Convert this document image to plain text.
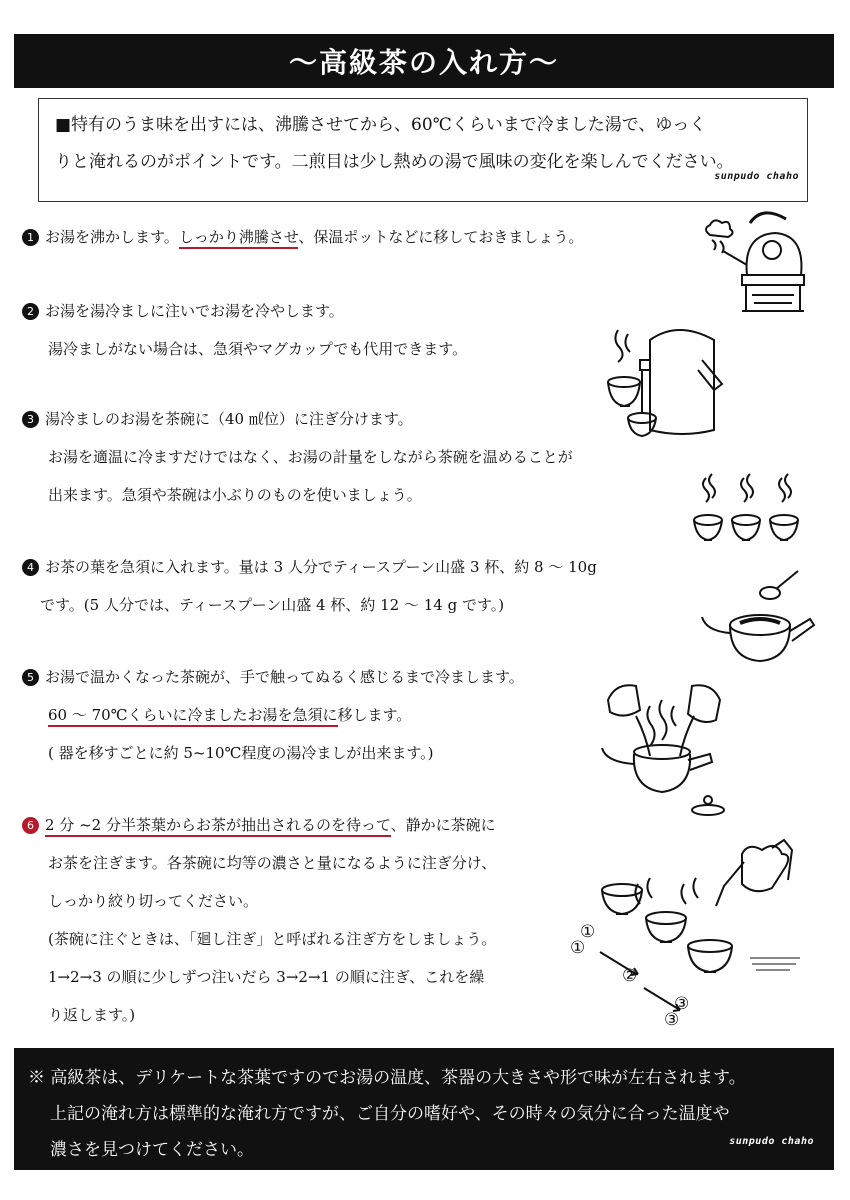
〜高級茶の入れ方〜
■特有のうま味を出すには、沸騰させてから、60℃くらいまで冷ました湯で、ゆっく
りと淹れるのがポイントです。二煎目は少し熱めの湯で風味の変化を楽しんでください。
sunpudo chaho
1 お湯を沸かします。しっかり沸騰させ、保温ポットなどに移しておきましょう。
2 お湯を湯冷ましに注いでお湯を冷やします。
湯冷ましがない場合は、急須やマグカップでも代用できます。
3 湯冷ましのお湯を茶碗に（40 ㎖位）に注ぎ分けます。
お湯を適温に冷ますだけではなく、お湯の計量をしながら茶碗を温めることが
出来ます。急須や茶碗は小ぶりのものを使いましょう。
4 お茶の葉を急須に入れます。量は 3 人分でティースプーン山盛 3 杯、約 8 〜 10g
です。(5 人分では、ティースプーン山盛 4 杯、約 12 〜 14 g です。)
5 お湯で温かくなった茶碗が、手で触ってぬるく感じるまで冷まします。
60 〜 70℃くらいに冷ましたお湯を急須に移します。
( 器を移すごとに約 5~10℃程度の湯冷ましが出来ます。)
6 2 分 ~2 分半茶葉からお茶が抽出されるのを待って、静かに茶碗に
お茶を注ぎます。各茶碗に均等の濃さと量になるように注ぎ分け、
しっかり絞り切ってください。
(茶碗に注ぐときは、「廻し注ぎ」と呼ばれる注ぎ方をしましょう。
1→2→3 の順に少しずつ注いだら 3→2→1 の順に注ぎ、これを繰
り返します。)
①
①
②
③
③
※ 高級茶は、デリケートな茶葉ですのでお湯の温度、茶器の大きさや形で味が左右されます。
上記の淹れ方は標準的な淹れ方ですが、ご自分の嗜好や、その時々の気分に合った温度や
濃さを見つけてください。	sunpudo chaho
